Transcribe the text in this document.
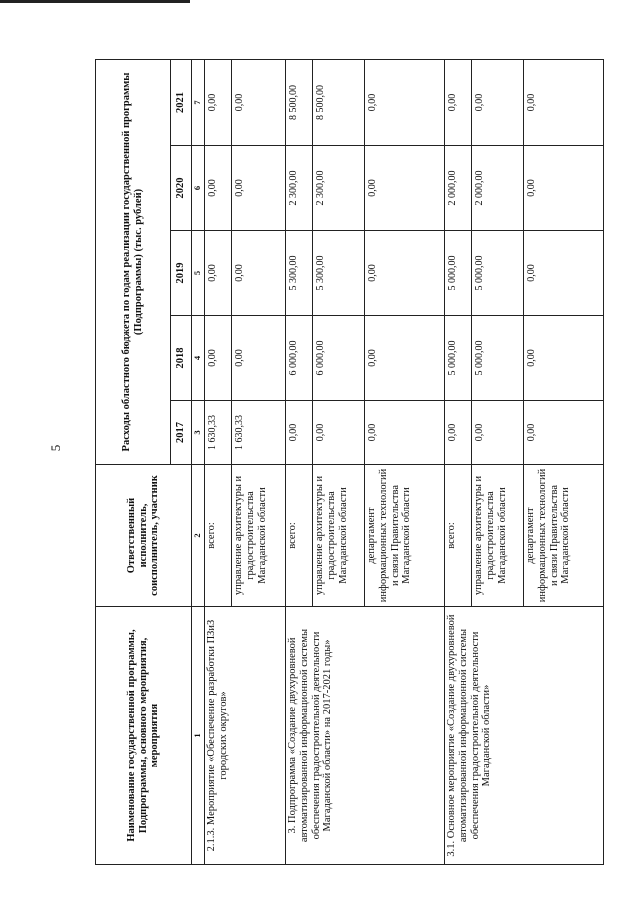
5
Наименование государственной программы, Подпрограммы, основного мероприятия, мероприятия	Ответственный исполнитель, соисполнитель, участник	Расходы областного бюджета по годам реализации государственной программы (Подпрограммы) (тыс. рублей)				
		2017	2018	2019	2020	2021
1	2	3	4	5	6	7
2.1.3. Мероприятие «Обеспечение разработки ПЗиЗ городских округов»	всего:	1 630,33	0,00	0,00	0,00	0,00
	управление архитектуры и градостроительства Магаданской области	1 630,33	0,00	0,00	0,00	0,00
3. Подпрограмма «Создание двухуровневой автоматизированной информационной системы обеспечения градостроительной деятельности Магаданской области» на 2017-2021 годы»	всего:	0,00	6 000,00	5 300,00	2 300,00	8 500,00
	управление архитектуры и градостроительства Магаданской области	0,00	6 000,00	5 300,00	2 300,00	8 500,00
	департамент информационных технологий и связи Правительства Магаданской области	0,00	0,00	0,00	0,00	0,00
3.1. Основное мероприятие «Создание двухуровневой автоматизированной информационной системы обеспечения градостроительной деятельности Магаданской области»	всего:	0,00	5 000,00	5 000,00	2 000,00	0,00
	управление архитектуры и градостроительства Магаданской области	0,00	5 000,00	5 000,00	2 000,00	0,00
	департамент информационных технологий и связи Правительства Магаданской области	0,00	0,00	0,00	0,00	0,00
